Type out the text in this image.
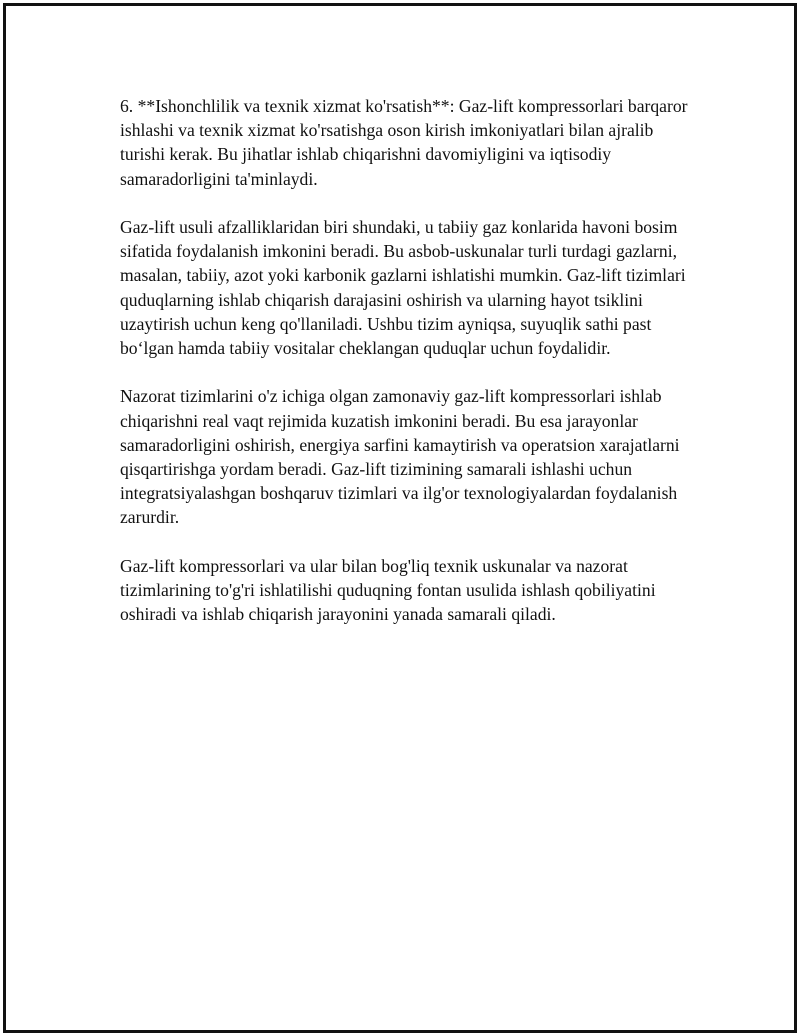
6. **Ishonchlilik va texnik xizmat ko'rsatish**: Gaz-lift kompressorlari barqaror ishlashi va texnik xizmat ko'rsatishga oson kirish imkoniyatlari bilan ajralib turishi kerak. Bu jihatlar ishlab chiqarishni davomiyligini va iqtisodiy samaradorligini ta'minlaydi.

Gaz-lift usuli afzalliklaridan biri shundaki, u tabiiy gaz konlarida havoni bosim sifatida foydalanish imkonini beradi. Bu asbob-uskunalar turli turdagi gazlarni, masalan, tabiiy, azot yoki karbonik gazlarni ishlatishi mumkin. Gaz-lift tizimlari quduqlarning ishlab chiqarish darajasini oshirish va ularning hayot tsiklini uzaytirish uchun keng qo'llaniladi. Ushbu tizim ayniqsa, suyuqlik sathi past bo‘lgan hamda tabiiy vositalar cheklangan quduqlar uchun foydalidir.

Nazorat tizimlarini o'z ichiga olgan zamonaviy gaz-lift kompressorlari ishlab chiqarishni real vaqt rejimida kuzatish imkonini beradi. Bu esa jarayonlar samaradorligini oshirish, energiya sarfini kamaytirish va operatsion xarajatlarni qisqartirishga yordam beradi. Gaz-lift tizimining samarali ishlashi uchun integratsiyalashgan boshqaruv tizimlari va ilg'or texnologiyalardan foydalanish zarurdir.

Gaz-lift kompressorlari va ular bilan bog'liq texnik uskunalar va nazorat tizimlarining to'g'ri ishlatilishi quduqning fontan usulida ishlash qobiliyatini oshiradi va ishlab chiqarish jarayonini yanada samarali qiladi.
